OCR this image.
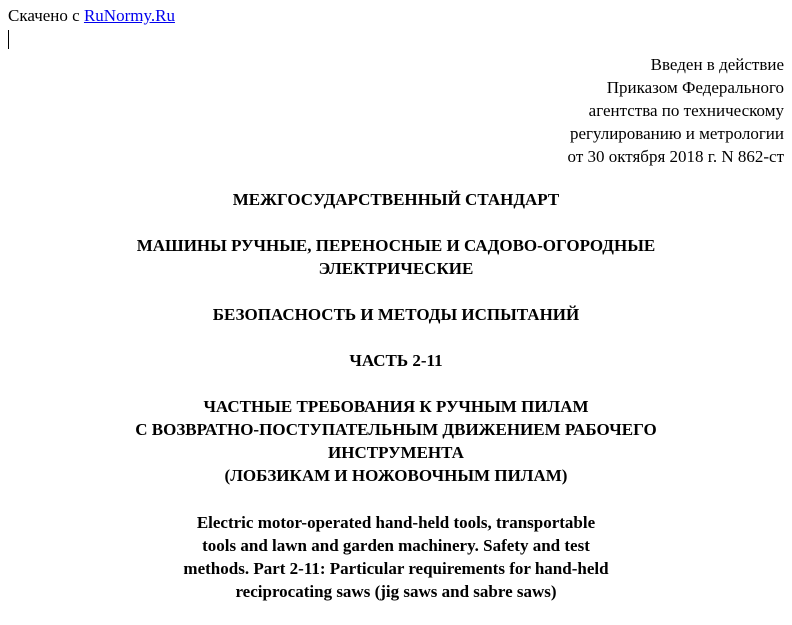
Скачено с RuNormy.Ru
Введен в действие
Приказом Федерального
агентства по техническому
регулированию и метрологии
от 30 октября 2018 г. N 862-ст
МЕЖГОСУДАРСТВЕННЫЙ СТАНДАРТ
МАШИНЫ РУЧНЫЕ, ПЕРЕНОСНЫЕ И САДОВО-ОГОРОДНЫЕ
ЭЛЕКТРИЧЕСКИЕ
БЕЗОПАСНОСТЬ И МЕТОДЫ ИСПЫТАНИЙ
ЧАСТЬ 2-11
ЧАСТНЫЕ ТРЕБОВАНИЯ К РУЧНЫМ ПИЛАМ
С ВОЗВРАТНО-ПОСТУПАТЕЛЬНЫМ ДВИЖЕНИЕМ РАБОЧЕГО
ИНСТРУМЕНТА
(ЛОБЗИКАМ И НОЖОВОЧНЫМ ПИЛАМ)
Electric motor-operated hand-held tools, transportable
tools and lawn and garden machinery. Safety and test
methods. Part 2-11: Particular requirements for hand-held
reciprocating saws (jig saws and sabre saws)
